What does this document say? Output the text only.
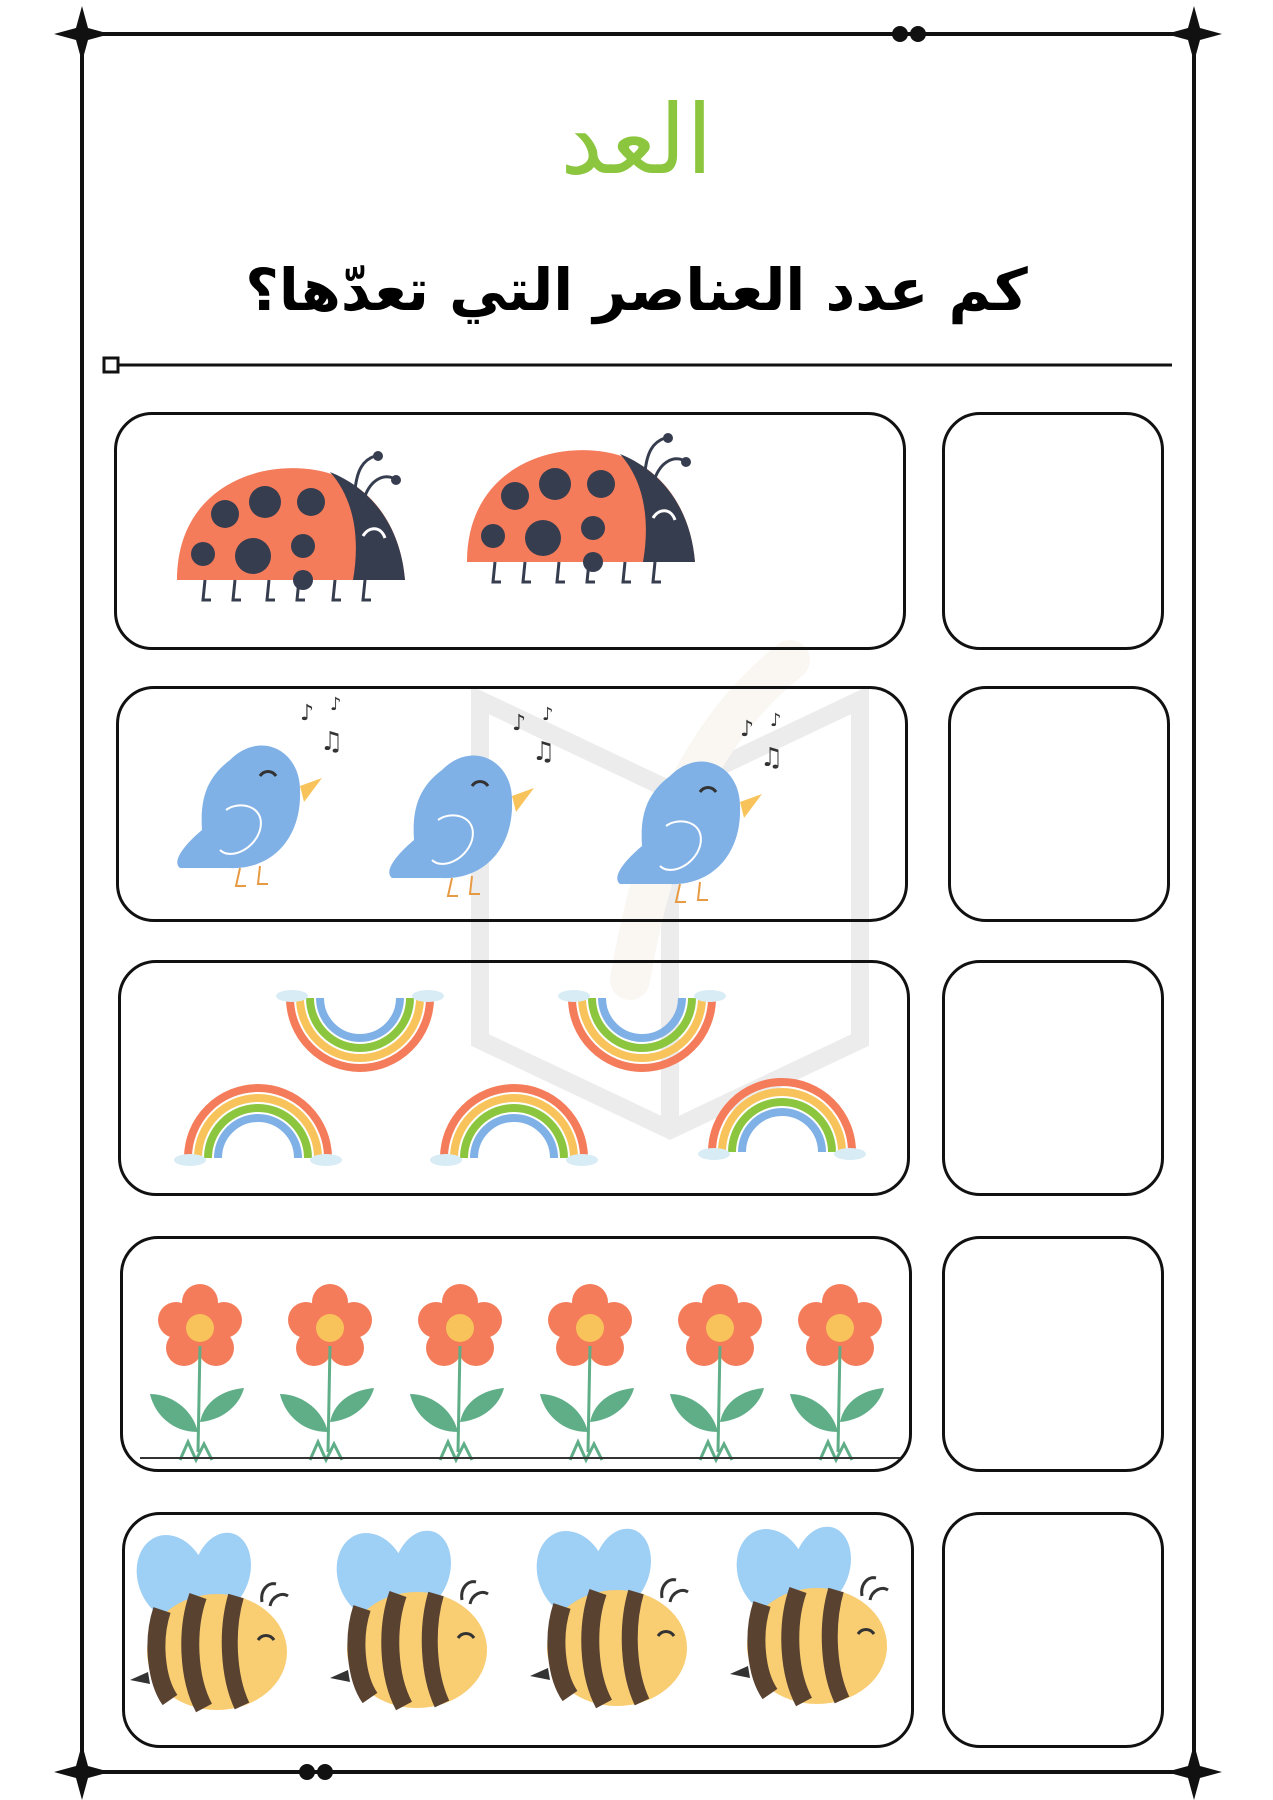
العد
كم عدد العناصر التي تعدّها؟
♪ ♪
♫
♪ ♪
♫
♪ ♪
♫
